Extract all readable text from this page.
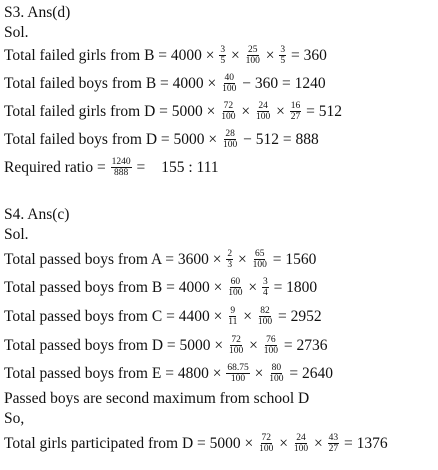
S3. Ans(d)
Sol.
Total failed girls from $B = 4000 \times \frac{3}{5} \times \frac{25}{100} \times \frac{3}{5} = 360$
Total failed boys from $B = 4000 \times \frac{40}{100} - 360 = 1240$
Total failed girls from $D = 5000 \times \frac{72}{100} \times \frac{24}{100} \times \frac{16}{27} = 512$
Total failed boys from $D = 5000 \times \frac{28}{100} - 512 = 888$
Required ratio = $\frac{1240}{888} = 155$ : 111
S4. Ans(c)
Sol.
Total passed boys from $A = 3600 \times \frac{2}{3} \times \frac{65}{100} = 1560$
Total passed boys from $B = 4000 \times \frac{60}{100} \times \frac{3}{4} = 1800$
Total passed boys from $C = 4400 \times \frac{9}{11} \times \frac{82}{100} = 2952$
Total passed boys from $D = 5000 \times \frac{72}{100} \times \frac{76}{100} = 2736$
Total passed boys from $E = 4800 \times \frac{68.75}{100} \times \frac{80}{100} = 2640$
Passed boys are second maximum from school D
So,
Total girls participated from $D = 5000 \times \frac{72}{100} \times \frac{24}{100} \times \frac{43}{27} = 1376$
